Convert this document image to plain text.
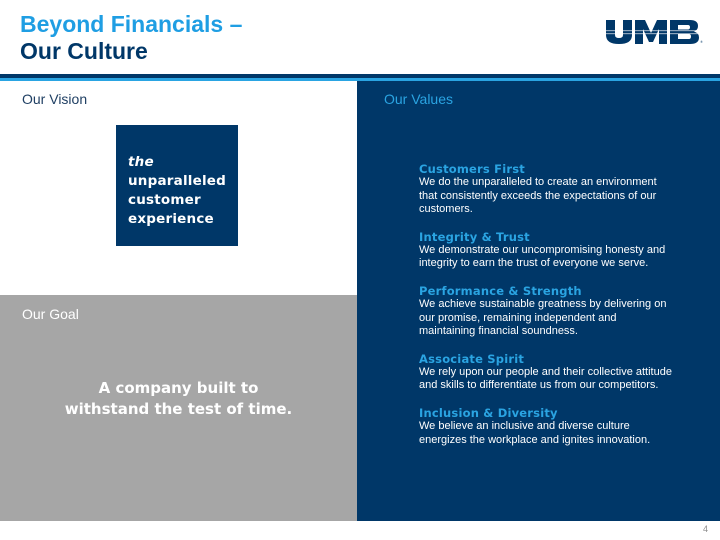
Beyond Financials –
Our Culture	®
Our Vision
the
unparalleled
customer
experience
Our Goal
A company built to
withstand the test of time.
Our Values
Customers First
We do the unparalleled to create an environment
that consistently exceeds the expectations of our
customers.
Integrity & Trust
We demonstrate our uncompromising honesty and
integrity to earn the trust of everyone we serve.
Performance & Strength
We achieve sustainable greatness by delivering on
our promise, remaining independent and
maintaining financial soundness.
Associate Spirit
We rely upon our people and their collective attitude
and skills to differentiate us from our competitors.
Inclusion & Diversity
We believe an inclusive and diverse culture
energizes the workplace and ignites innovation.
4
